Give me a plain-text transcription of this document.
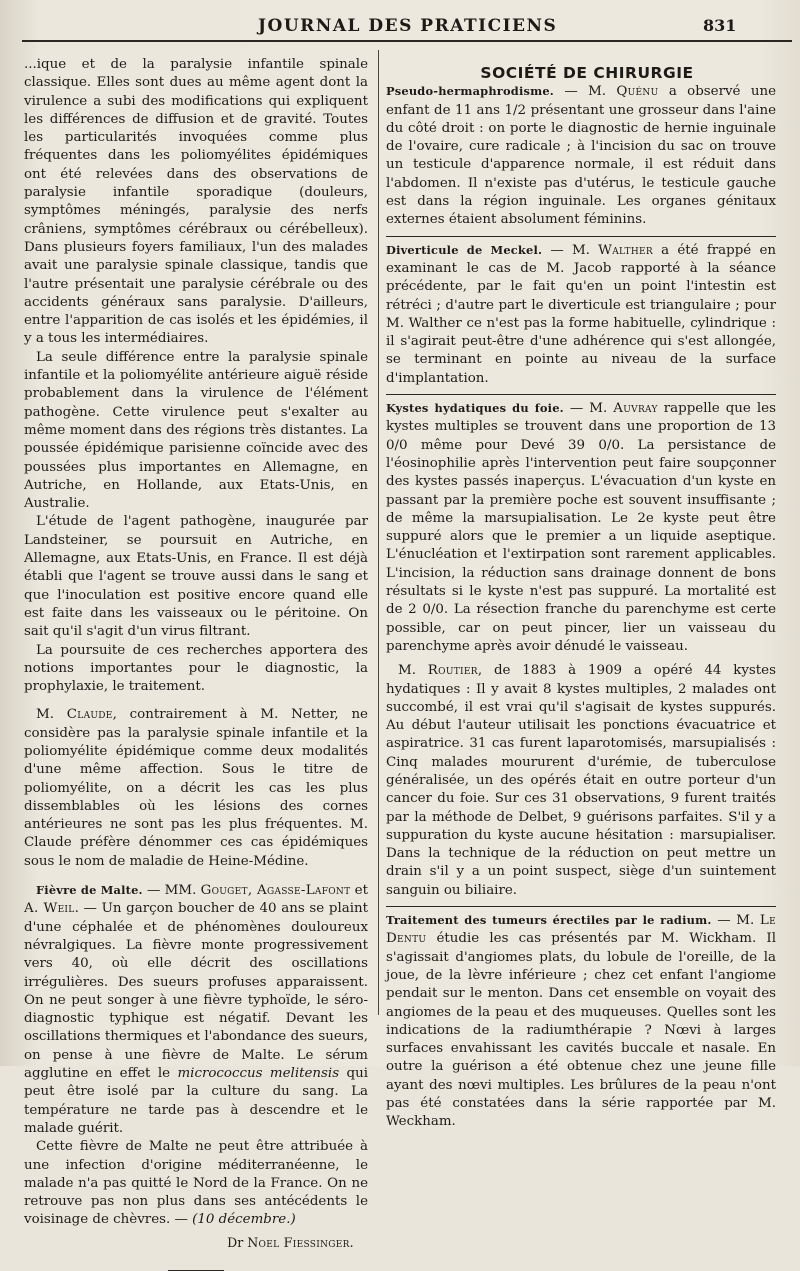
JOURNAL DES PRATICIENS	831

...ique et de la paralysie infantile spinale classique. Elles sont dues au même agent dont la virulence a subi des modifications qui expliquent les différences de diffusion et de gravité. Toutes les particularités invoquées comme plus fréquentes dans les poliomyélites épidémiques ont été relevées dans des observations de paralysie infantile sporadique (douleurs, symptômes méningés, paralysie des nerfs crâniens, symptômes cérébraux ou cérébelleux). Dans plusieurs foyers familiaux, l'un des malades avait une paralysie spinale classique, tandis que l'autre présentait une paralysie cérébrale ou des accidents généraux sans paralysie. D'ailleurs, entre l'apparition de cas isolés et les épidémies, il y a tous les intermédiaires.

La seule différence entre la paralysie spinale infantile et la poliomyélite antérieure aiguë réside probablement dans la virulence de l'élément pathogène. Cette virulence peut s'exalter au même moment dans des régions très distantes. La poussée épidémique parisienne coïncide avec des poussées plus importantes en Allemagne, en Autriche, en Hollande, aux Etats-Unis, en Australie.

L'étude de l'agent pathogène, inaugurée par Landsteiner, se poursuit en Autriche, en Allemagne, aux Etats-Unis, en France. Il est déjà établi que l'agent se trouve aussi dans le sang et que l'inoculation est positive encore quand elle est faite dans les vaisseaux ou le péritoine. On sait qu'il s'agit d'un virus filtrant.

La poursuite de ces recherches apportera des notions importantes pour le diagnostic, la prophylaxie, le traitement.

M. Claude, contrairement à M. Netter, ne considère pas la paralysie spinale infantile et la poliomyélite épidémique comme deux modalités d'une même affection. Sous le titre de poliomyélite, on a décrit les cas les plus dissemblables où les lésions des cornes antérieures ne sont pas les plus fréquentes. M. Claude préfère dénommer ces cas épidémiques sous le nom de maladie de Heine-Médine.

Fièvre de Malte. — MM. Gouget, Agasse-Lafont et A. Weil. — Un garçon boucher de 40 ans se plaint d'une céphalée et de phénomènes douloureux névralgiques. La fièvre monte progressivement vers 40, où elle décrit des oscillations irrégulières. Des sueurs profuses apparaissent. On ne peut songer à une fièvre typhoïde, le séro-diagnostic typhique est négatif. Devant les oscillations thermiques et l'abondance des sueurs, on pense à une fièvre de Malte. Le sérum agglutine en effet le micrococcus melitensis qui peut être isolé par la culture du sang. La température ne tarde pas à descendre et le malade guérit.

Cette fièvre de Malte ne peut être attribuée à une infection d'origine méditerranéenne, le malade n'a pas quitté le Nord de la France. On ne retrouve pas non plus dans ses antécédents le voisinage de chèvres. — (10 décembre.)

Dr Noel Fiessinger.

SOCIÉTÉ DE CHIRURGIE

Pseudo-hermaphrodisme. — M. Quénu a observé une enfant de 11 ans 1/2 présentant une grosseur dans l'aine du côté droit : on porte le diagnostic de hernie inguinale de l'ovaire, cure radicale ; à l'incision du sac on trouve un testicule d'apparence normale, il est réduit dans l'abdomen. Il n'existe pas d'utérus, le testicule gauche est dans la région inguinale. Les organes génitaux externes étaient absolument féminins.

Diverticule de Meckel. — M. Walther a été frappé en examinant le cas de M. Jacob rapporté à la séance précédente, par le fait qu'en un point l'intestin est rétréci ; d'autre part le diverticule est triangulaire ; pour M. Walther ce n'est pas la forme habituelle, cylindrique : il s'agirait peut-être d'une adhérence qui s'est allongée, se terminant en pointe au niveau de la surface d'implantation.

Kystes hydatiques du foie. — M. Auvray rappelle que les kystes multiples se trouvent dans une proportion de 13 0/0 même pour Devé 39 0/0. La persistance de l'éosinophilie après l'intervention peut faire soupçonner des kystes passés inaperçus. L'évacuation d'un kyste en passant par la première poche est souvent insuffisante ; de même la marsupialisation. Le 2e kyste peut être suppuré alors que le premier a un liquide aseptique. L'énucléation et l'extirpation sont rarement applicables. L'incision, la réduction sans drainage donnent de bons résultats si le kyste n'est pas suppuré. La mortalité est de 2 0/0. La résection franche du parenchyme est certe possible, car on peut pincer, lier un vaisseau du parenchyme après avoir dénudé le vaisseau.

M. Routier, de 1883 à 1909 a opéré 44 kystes hydatiques : Il y avait 8 kystes multiples, 2 malades ont succombé, il est vrai qu'il s'agisait de kystes suppurés. Au début l'auteur utilisait les ponctions évacuatrice et aspiratrice. 31 cas furent laparotomisés, marsupialisés : Cinq malades moururent d'urémie, de tuberculose généralisée, un des opérés était en outre porteur d'un cancer du foie. Sur ces 31 observations, 9 furent traités par la méthode de Delbet, 9 guérisons parfaites. S'il y a suppuration du kyste aucune hésitation : marsupialiser. Dans la technique de la réduction on peut mettre un drain s'il y a un point suspect, siège d'un suintement sanguin ou biliaire.

Traitement des tumeurs érectiles par le radium. — M. Le Dentu étudie les cas présentés par M. Wickham. Il s'agissait d'angiomes plats, du lobule de l'oreille, de la joue, de la lèvre inférieure ; chez cet enfant l'angiome pendait sur le menton. Dans cet ensemble on voyait des angiomes de la peau et des muqueuses. Quelles sont les indications de la radiumthérapie ? Nœvi à larges surfaces envahissant les cavités buccale et nasale. En outre la guérison a été obtenue chez une jeune fille ayant des nœvi multiples. Les brûlures de la peau n'ont pas été constatées dans la série rapportée par M. Weckham.
